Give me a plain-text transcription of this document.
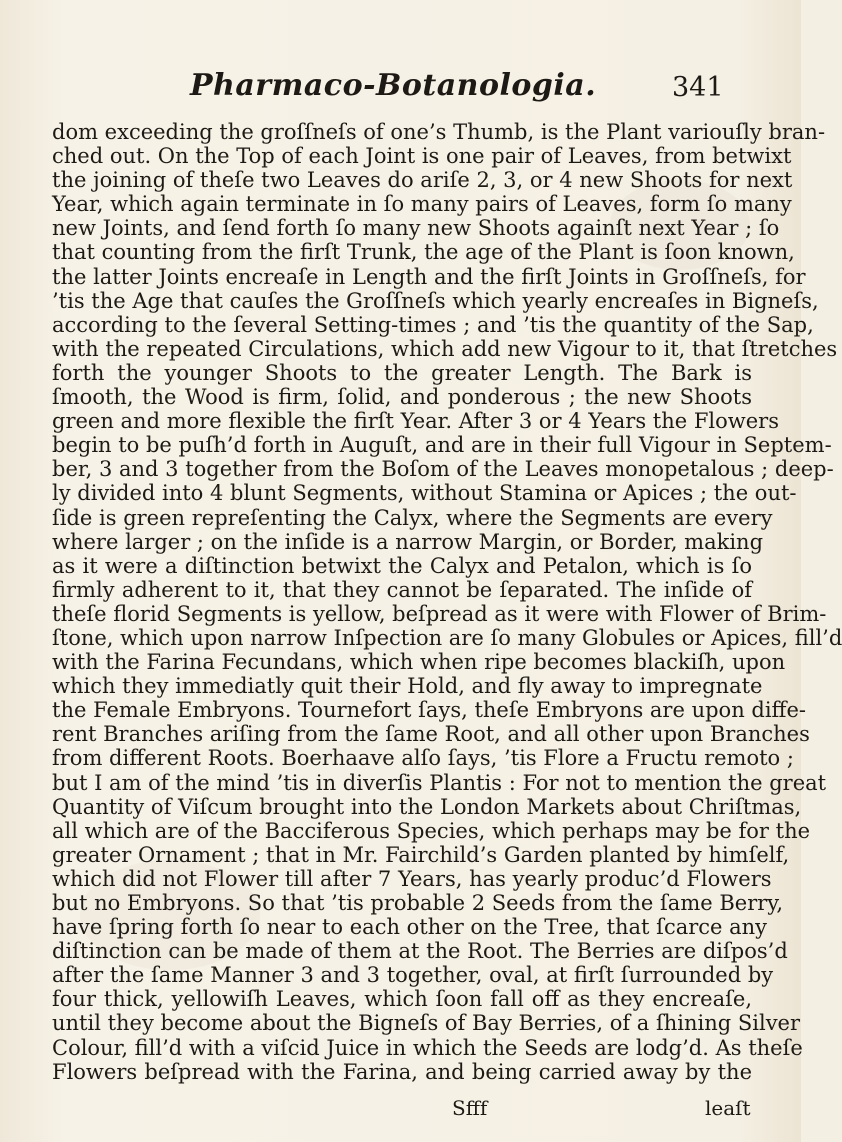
Pharmaco-Botanologia.	341
dom exceeding the groſſneſs of one’s Thumb, is the Plant variouſly bran-
ched out. On the Top of each Joint is one pair of Leaves, from betwixt
the joining of theſe two Leaves do ariſe 2, 3, or 4 new Shoots for next
Year, which again terminate in ſo many pairs of Leaves, form ſo many
new Joints, and ſend forth ſo many new Shoots againſt next Year ; ſo
that counting from the firſt Trunk, the age of the Plant is ſoon known,
the latter Joints encreaſe in Length and the firſt Joints in Groſſneſs, for
’tis the Age that cauſes the Groſſneſs which yearly encreaſes in Bigneſs,
according to the ſeveral Setting-times ; and ’tis the quantity of the Sap,
with the repeated Circulations, which add new Vigour to it, that ſtretches
forth the younger Shoots to the greater Length. The Bark is
ſmooth, the Wood is firm, ſolid, and ponderous ; the new Shoots
green and more flexible the firſt Year. After 3 or 4 Years the Flowers
begin to be puſh’d forth in Auguſt, and are in their full Vigour in Septem-
ber, 3 and 3 together from the Boſom of the Leaves monopetalous ; deep-
ly divided into 4 blunt Segments, without Stamina or Apices ; the out-
ſide is green repreſenting the Calyx, where the Segments are every
where larger ; on the inſide is a narrow Margin, or Border, making
as it were a diſtinction betwixt the Calyx and Petalon, which is ſo
firmly adherent to it, that they cannot be ſeparated. The inſide of
theſe florid Segments is yellow, beſpread as it were with Flower of Brim-
ſtone, which upon narrow Inſpection are ſo many Globules or Apices, fill’d
with the Farina Fecundans, which when ripe becomes blackiſh, upon
which they immediatly quit their Hold, and fly away to impregnate
the Female Embryons. Tournefort ſays, theſe Embryons are upon diffe-
rent Branches ariſing from the ſame Root, and all other upon Branches
from different Roots. Boerhaave alſo ſays, ’tis Flore a Fructu remoto ;
but I am of the mind ’tis in diverſis Plantis : For not to mention the great
Quantity of Viſcum brought into the London Markets about Chriſtmas,
all which are of the Bacciferous Species, which perhaps may be for the
greater Ornament ; that in Mr. Fairchild’s Garden planted by himſelf,
which did not Flower till after 7 Years, has yearly produc’d Flowers
but no Embryons. So that ’tis probable 2 Seeds from the ſame Berry,
have ſpring forth ſo near to each other on the Tree, that ſcarce any
diſtinction can be made of them at the Root. The Berries are diſpos’d
after the ſame Manner 3 and 3 together, oval, at firſt ſurrounded by
four thick, yellowiſh Leaves, which ſoon fall off as they encreaſe,
until they become about the Bigneſs of Bay Berries, of a ſhining Silver
Colour, fill’d with a viſcid Juice in which the Seeds are lodg’d. As theſe
Flowers beſpread with the Farina, and being carried away by the
Sfff	leaſt
